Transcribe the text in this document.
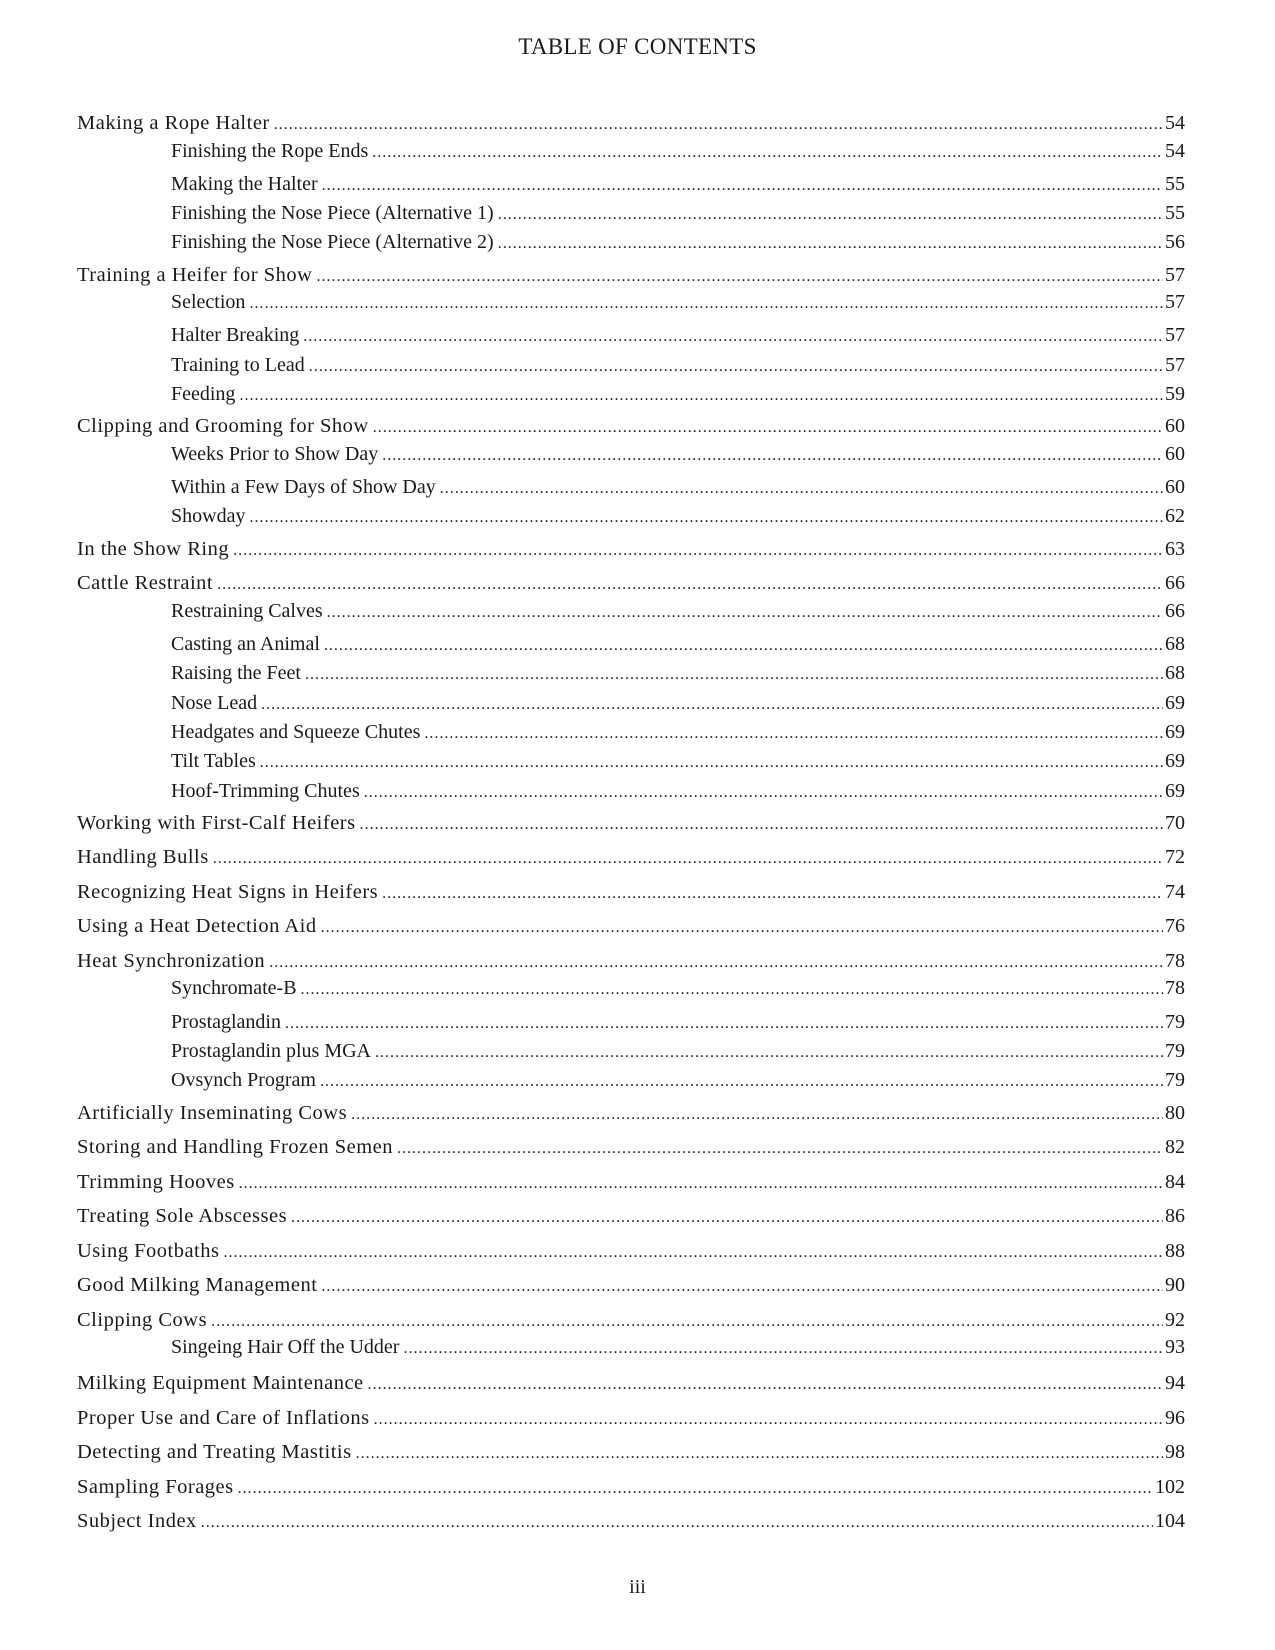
TABLE OF CONTENTS
Making a Rope Halter .....	54
Finishing the Rope Ends .....	54
Making the Halter .....	55
Finishing the Nose Piece (Alternative 1) .....	55
Finishing the Nose Piece (Alternative 2) .....	56
Training a Heifer for Show .....	57
Selection .....	57
Halter Breaking .....	57
Training to Lead .....	57
Feeding .....	59
Clipping and Grooming for Show .....	60
Weeks Prior to Show Day .....	60
Within a Few Days of Show Day .....	60
Showday .....	62
In the Show Ring .....	63
Cattle Restraint .....	66
Restraining Calves .....	66
Casting an Animal .....	68
Raising the Feet .....	68
Nose Lead .....	69
Headgates and Squeeze Chutes .....	69
Tilt Tables .....	69
Hoof-Trimming Chutes .....	69
Working with First-Calf Heifers .....	70
Handling Bulls .....	72
Recognizing Heat Signs in Heifers .....	74
Using a Heat Detection Aid .....	76
Heat Synchronization .....	78
Synchromate-B .....	78
Prostaglandin .....	79
Prostaglandin plus MGA .....	79
Ovsynch Program .....	79
Artificially Inseminating Cows .....	80
Storing and Handling Frozen Semen .....	82
Trimming Hooves .....	84
Treating Sole Abscesses .....	86
Using Footbaths .....	88
Good Milking Management .....	90
Clipping Cows .....	92
Singeing Hair Off the Udder .....	93
Milking Equipment Maintenance .....	94
Proper Use and Care of Inflations .....	96
Detecting and Treating Mastitis .....	98
Sampling Forages .....	102
Subject Index .....	104
iii
